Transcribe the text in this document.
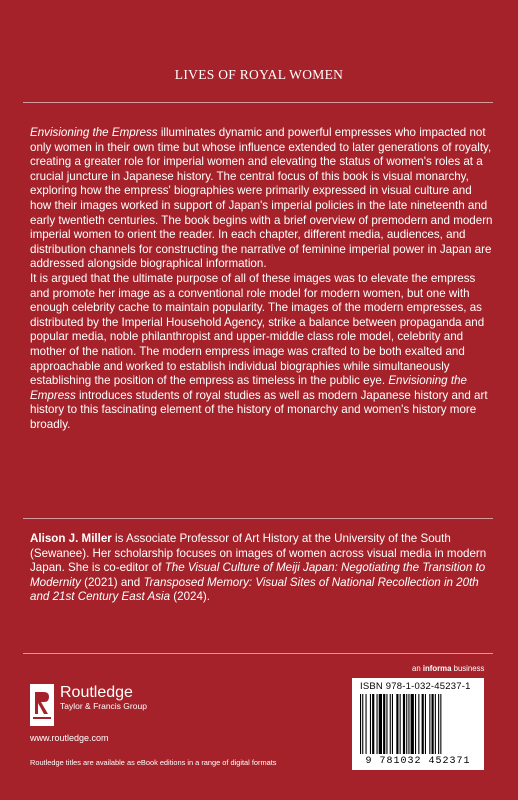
LIVES OF ROYAL WOMEN

Envisioning the Empress illuminates dynamic and powerful empresses who impacted not only women in their own time but whose influence extended to later generations of royalty, creating a greater role for imperial women and elevating the status of women's roles at a crucial juncture in Japanese history. The central focus of this book is visual monarchy, exploring how the empress' biographies were primarily expressed in visual culture and how their images worked in support of Japan's imperial policies in the late nineteenth and early twentieth centuries. The book begins with a brief overview of premodern and modern imperial women to orient the reader. In each chapter, different media, audiences, and distribution channels for constructing the narrative of feminine imperial power in Japan are addressed alongside biographical information.

It is argued that the ultimate purpose of all of these images was to elevate the empress and promote her image as a conventional role model for modern women, but one with enough celebrity cache to maintain popularity. The images of the modern empresses, as distributed by the Imperial Household Agency, strike a balance between propaganda and popular media, noble philanthropist and upper-middle class role model, celebrity and mother of the nation. The modern empress image was crafted to be both exalted and approachable and worked to establish individual biographies while simultaneously establishing the position of the empress as timeless in the public eye. Envisioning the Empress introduces students of royal studies as well as modern Japanese history and art history to this fascinating element of the history of monarchy and women's history more broadly.

Alison J. Miller is Associate Professor of Art History at the University of the South (Sewanee). Her scholarship focuses on images of women across visual media in modern Japan. She is co-editor of The Visual Culture of Meiji Japan: Negotiating the Transition to Modernity (2021) and Transposed Memory: Visual Sites of National Recollection in 20th and 21st Century East Asia (2024).

an informa business
Routledge
Taylor & Francis Group
www.routledge.com
Routledge titles are available as eBook editions in a range of digital formats
ISBN 978-1-032-45237-1
9 781032 452371
